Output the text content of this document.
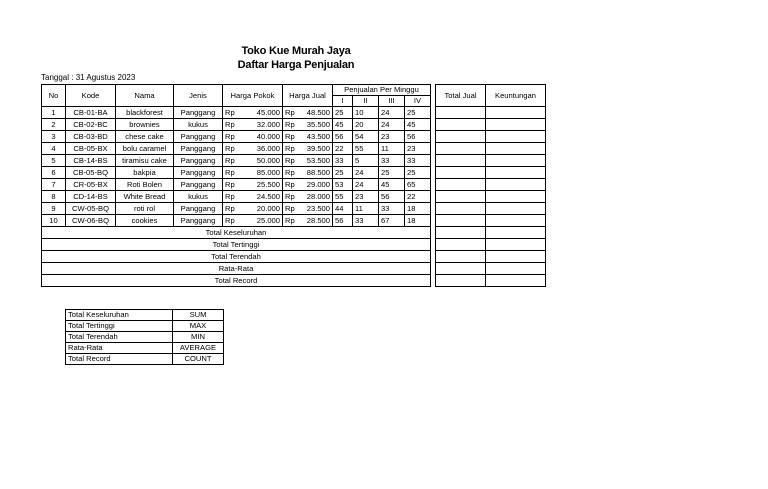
Toko Kue Murah Jaya
Daftar Harga Penjualan
Tanggal : 31 Agustus 2023
No	Kode	Nama	Jenis	Harga Pokok	Harga Jual	Penjualan Per Minggu					Total Jual	Keuntungan
						I	II	III	IV			
1	CB-01-BA	blackforest	Panggang	Rp 45.000	Rp 48.500	25	10	24	25			
2	CB-02-BC	brownies	kukus	Rp 32.000	Rp 35.500	45	20	24	45			
3	CB-03-BD	chese cake	Panggang	Rp 40.000	Rp 43.500	56	54	23	56			
4	CB-05-BX	bolu caramel	Panggang	Rp 36.000	Rp 39.500	22	55	11	23			
5	CB-14-BS	tiramisu cake	Panggang	Rp 50.000	Rp 53.500	33	5	33	33			
6	CB-05-BQ	bakpia	Panggang	Rp 85.000	Rp 88.500	25	24	25	25			
7	CR-05-BX	Roti Bolen	Panggang	Rp 25.500	Rp 29.000	53	24	45	65			
8	CD-14-BS	White Bread	kukus	Rp 24.500	Rp 28.000	55	23	56	22			
9	CW-05-BQ	roti rol	Panggang	Rp 20.000	Rp 23.500	44	11	33	18			
10	CW-06-BQ	cookies	Panggang	Rp 25.000	Rp 28.500	56	33	67	18			
Total Keseluruhan												
Total Tertinggi												
Total Terendah												
Rata-Rata												
Total Record												
Total Keseluruhan	SUM
Total Tertinggi	MAX
Total Terendah	MIN
Rata-Rata	AVERAGE
Total Record	COUNT
